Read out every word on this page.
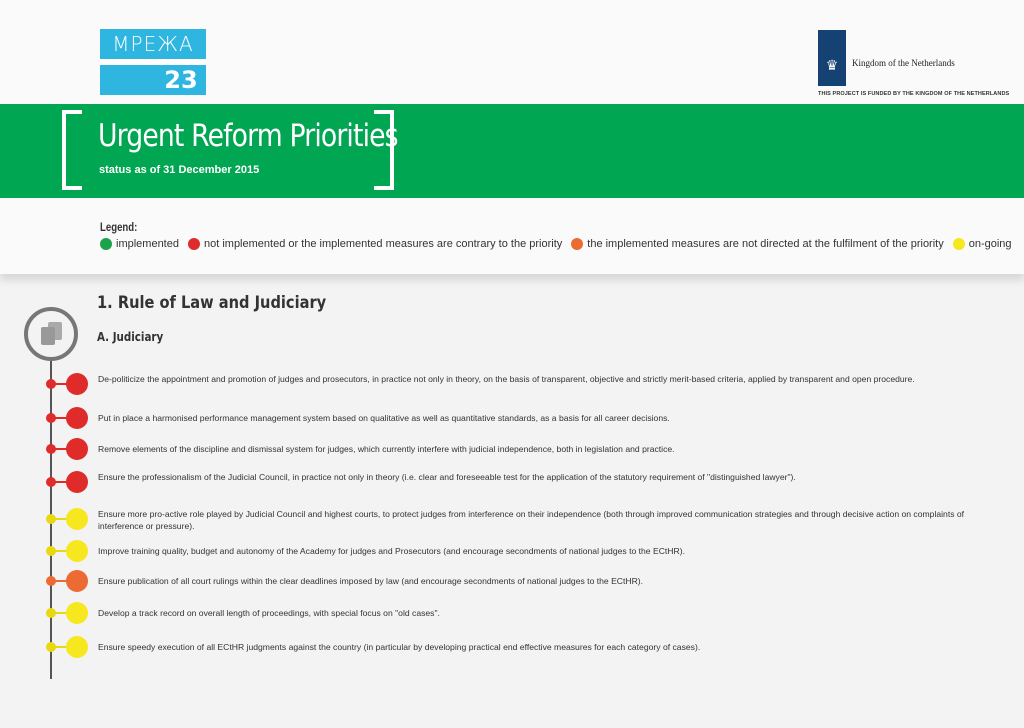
МРЕЖА
23
♛	Kingdom of the Netherlands
THIS PROJECT IS FUNDED BY THE KINGDOM OF THE NETHERLANDS
Urgent Reform Priorities
status as of 31 December 2015
Legend:
implemented not implemented or the implemented measures are contrary to the priority the implemented measures are not directed at the fulfilment of the priority on-going
1. Rule of Law and Judiciary
A. Judiciary
De-politicize the appointment and promotion of judges and prosecutors, in practice not only in theory, on the basis of transparent, objective and strictly merit-based criteria, applied by transparent and open procedure.
Put in place a harmonised performance management system based on qualitative as well as quantitative standards, as a basis for all career decisions.
Remove elements of the discipline and dismissal system for judges, which currently interfere with judicial independence, both in legislation and practice.
Ensure the professionalism of the Judicial Council, in practice not only in theory (i.e. clear and foreseeable test for the application of the statutory requirement of "distinguished lawyer").
Ensure more pro-active role played by Judicial Council and highest courts, to protect judges from interference on their independence (both through improved communication strategies and through decisive action on complaints of interference or pressure).
Improve training quality, budget and autonomy of the Academy for judges and Prosecutors (and encourage secondments of national judges to the ECtHR).
Ensure publication of all court rulings within the clear deadlines imposed by law (and encourage secondments of national judges to the ECtHR).
Develop a track record on overall length of proceedings, with special focus on "old cases".
Ensure speedy execution of all ECtHR judgments against the country (in particular by developing practical end effective measures for each category of cases).
